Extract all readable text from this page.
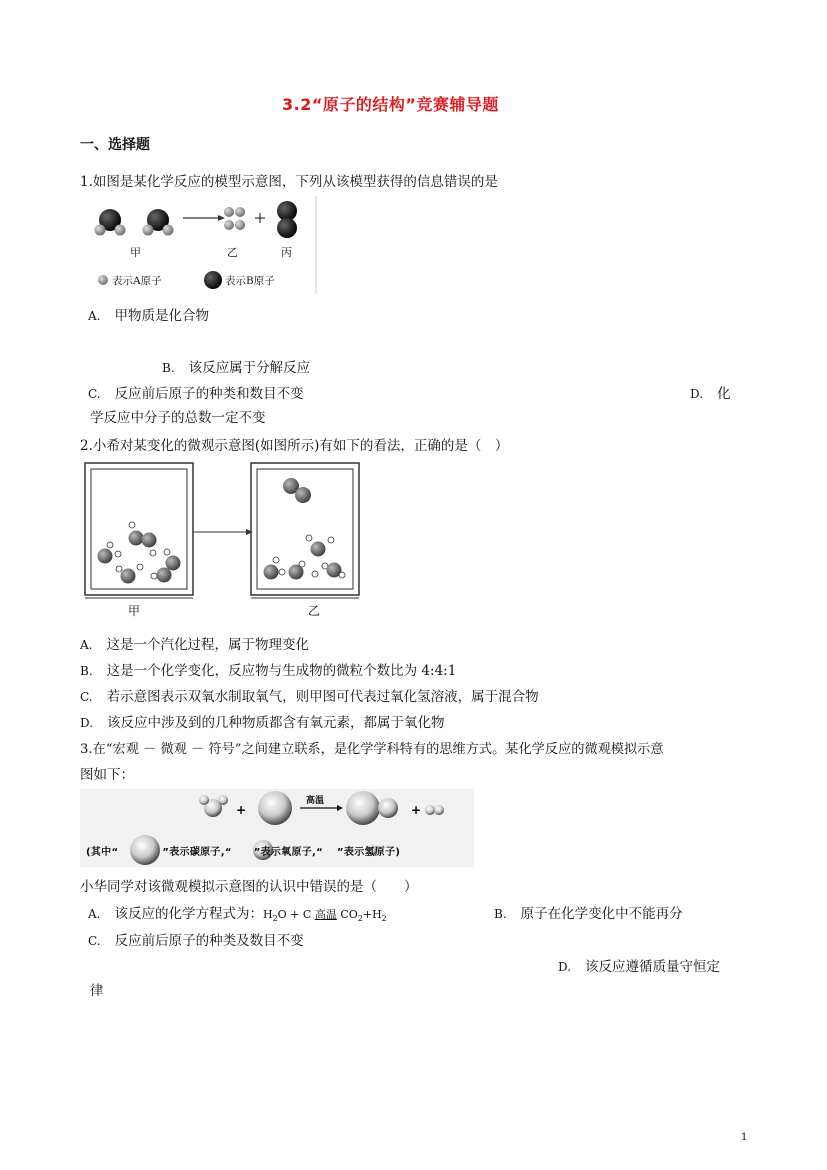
3.2“原子的结构”竞赛辅导题
一、选择题
1.如图是某化学反应的模型示意图，下列从该模型获得的信息错误的是
甲	乙	丙
表示A原子	表示B原子
A. 甲物质是化合物
B. 该反应属于分解反应
C. 反应前后原子的种类和数目不变	D. 化
学反应中分子的总数一定不变
2.小希对某变化的微观示意图(如图所示)有如下的看法，正确的是（　）
甲	乙
A. 这是一个汽化过程，属于物理变化
B. 这是一个化学变化，反应物与生成物的微粒个数比为 4:4:1
C. 若示意图表示双氧水制取氧气，则甲图可代表过氧化氢溶液，属于混合物
D. 该反应中涉及到的几种物质都含有氧元素，都属于氧化物
3.在“宏观 － 微观 － 符号”之间建立联系，是化学学科特有的思维方式。某化学反应的微观模拟示意
图如下：
+	+
高温
(其中“	”表示碳原子,“ ”表示氧原子,“ ”表示氢原子)
小华同学对该微观模拟示意图的认识中错误的是（　　）
A. 该反应的化学方程式为：$H_2O + C$ 高温 $CO_2+H_2$	B. 原子在化学变化中不能再分
C. 反应前后原子的种类及数目不变
D. 该反应遵循质量守恒定
律
1
